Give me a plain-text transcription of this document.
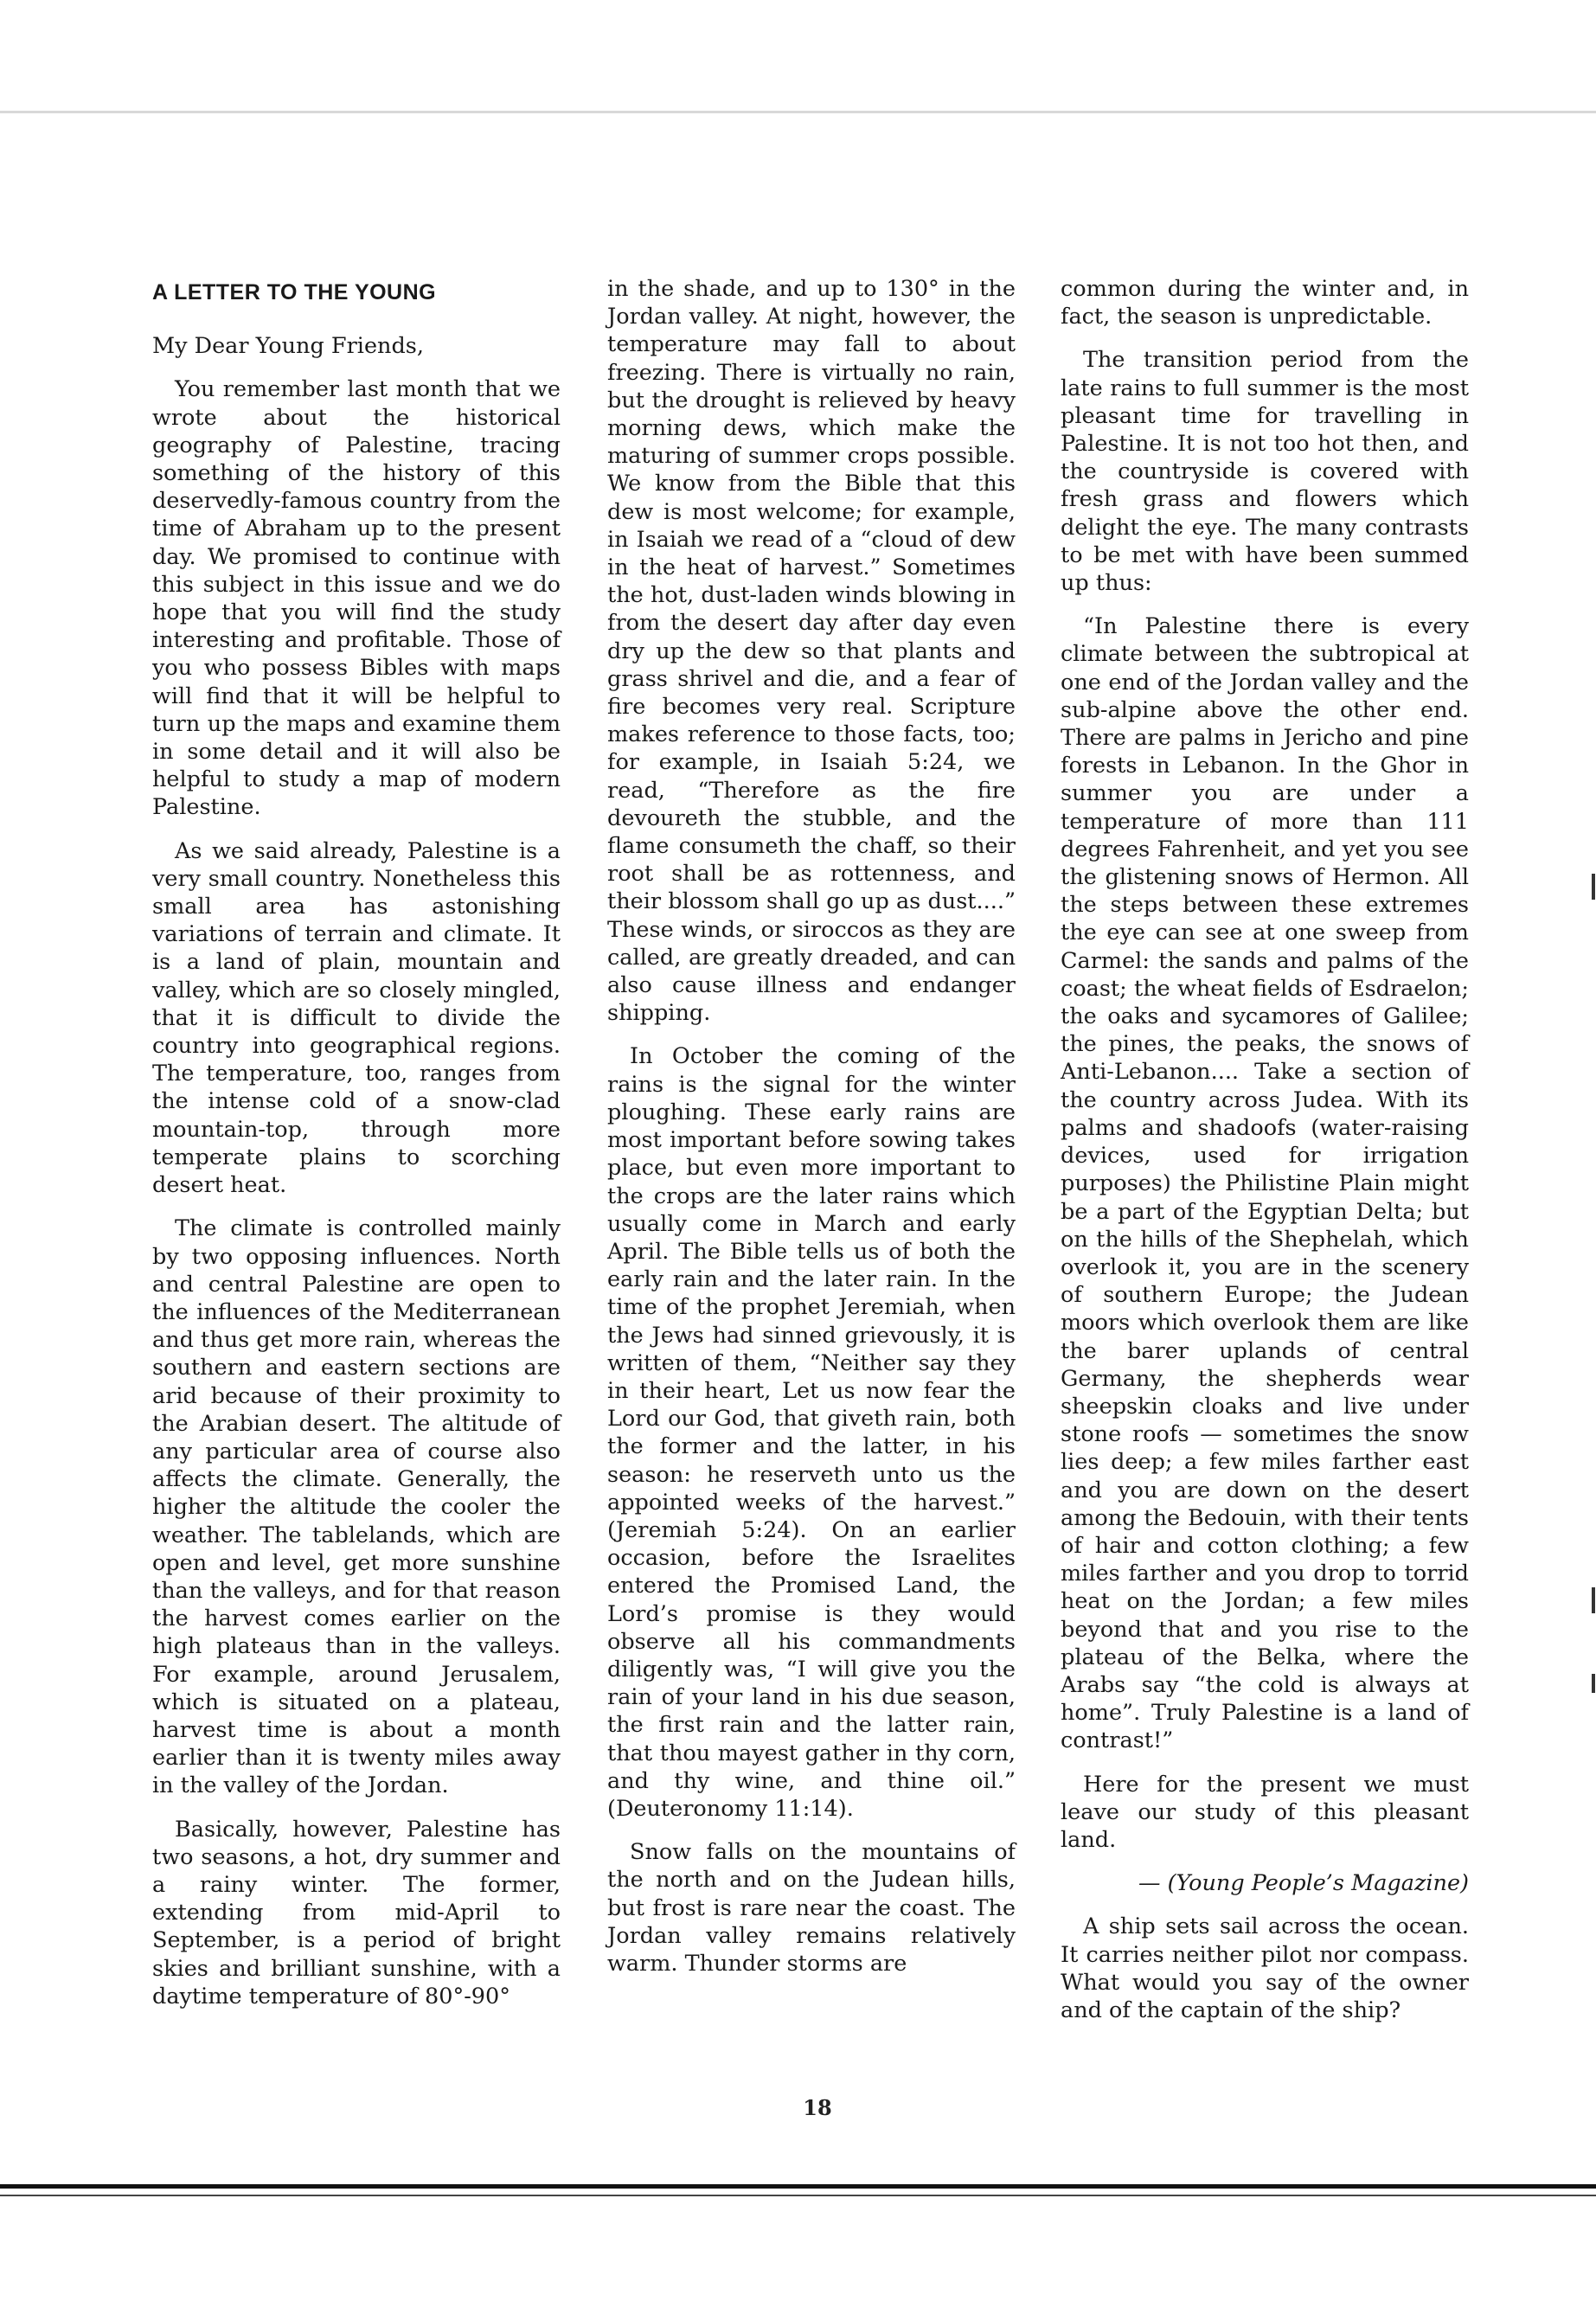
A LETTER TO THE YOUNG
My Dear Young Friends,

You remember last month that we wrote about the historical geography of Palestine, tracing something of the history of this deservedly-famous country from the time of Abraham up to the present day. We promised to continue with this subject in this issue and we do hope that you will find the study interesting and profitable. Those of you who possess Bibles with maps will find that it will be helpful to turn up the maps and examine them in some detail and it will also be helpful to study a map of modern Palestine.

As we said already, Palestine is a very small country. Nonetheless this small area has astonishing variations of terrain and climate. It is a land of plain, mountain and valley, which are so closely mingled, that it is difficult to divide the country into geographical regions. The temperature, too, ranges from the intense cold of a snow-clad mountain-top, through more temperate plains to scorching desert heat.

The climate is controlled mainly by two opposing influences. North and central Palestine are open to the influences of the Mediterranean and thus get more rain, whereas the southern and eastern sections are arid because of their proximity to the Arabian desert. The altitude of any particular area of course also affects the climate. Generally, the higher the altitude the cooler the weather. The tablelands, which are open and level, get more sunshine than the valleys, and for that reason the harvest comes earlier on the high plateaus than in the valleys. For example, around Jerusalem, which is situated on a plateau, harvest time is about a month earlier than it is twenty miles away in the valley of the Jordan.

Basically, however, Palestine has two seasons, a hot, dry summer and a rainy winter. The former, extending from mid-April to September, is a period of bright skies and brilliant sunshine, with a daytime temperature of 80°-90°

in the shade, and up to 130° in the Jordan valley. At night, however, the temperature may fall to about freezing. There is virtually no rain, but the drought is relieved by heavy morning dews, which make the maturing of summer crops possible. We know from the Bible that this dew is most welcome; for example, in Isaiah we read of a “cloud of dew in the heat of harvest.” Sometimes the hot, dust-laden winds blowing in from the desert day after day even dry up the dew so that plants and grass shrivel and die, and a fear of fire becomes very real. Scripture makes reference to those facts, too; for example, in Isaiah 5:24, we read, “Therefore as the fire devoureth the stubble, and the flame consumeth the chaff, so their root shall be as rottenness, and their blossom shall go up as dust....” These winds, or siroccos as they are called, are greatly dreaded, and can also cause illness and endanger shipping.

In October the coming of the rains is the signal for the winter ploughing. These early rains are most important before sowing takes place, but even more important to the crops are the later rains which usually come in March and early April. The Bible tells us of both the early rain and the later rain. In the time of the prophet Jeremiah, when the Jews had sinned grievously, it is written of them, “Neither say they in their heart, Let us now fear the Lord our God, that giveth rain, both the former and the latter, in his season: he reserveth unto us the appointed weeks of the harvest.” (Jeremiah 5:24). On an earlier occasion, before the Israelites entered the Promised Land, the Lord’s promise is they would observe all his commandments diligently was, “I will give you the rain of your land in his due season, the first rain and the latter rain, that thou mayest gather in thy corn, and thy wine, and thine oil.” (Deuteronomy 11:14).

Snow falls on the mountains of the north and on the Judean hills, but frost is rare near the coast. The Jordan valley remains relatively warm. Thunder storms are

common during the winter and, in fact, the season is unpredictable.

The transition period from the late rains to full summer is the most pleasant time for travelling in Palestine. It is not too hot then, and the countryside is covered with fresh grass and flowers which delight the eye. The many contrasts to be met with have been summed up thus:

“In Palestine there is every climate between the subtropical at one end of the Jordan valley and the sub-alpine above the other end. There are palms in Jericho and pine forests in Lebanon. In the Ghor in summer you are under a temperature of more than 111 degrees Fahrenheit, and yet you see the glistening snows of Hermon. All the steps between these extremes the eye can see at one sweep from Carmel: the sands and palms of the coast; the wheat fields of Esdraelon; the oaks and sycamores of Galilee; the pines, the peaks, the snows of Anti-Lebanon.... Take a section of the country across Judea. With its palms and shadoofs (water-raising devices, used for irrigation purposes) the Philistine Plain might be a part of the Egyptian Delta; but on the hills of the Shephelah, which overlook it, you are in the scenery of southern Europe; the Judean moors which overlook them are like the barer uplands of central Germany, the shepherds wear sheepskin cloaks and live under stone roofs — sometimes the snow lies deep; a few miles farther east and you are down on the desert among the Bedouin, with their tents of hair and cotton clothing; a few miles farther and you drop to torrid heat on the Jordan; a few miles beyond that and you rise to the plateau of the Belka, where the Arabs say “the cold is always at home”. Truly Palestine is a land of contrast!”

Here for the present we must leave our study of this pleasant land.

— (Young People’s Magazine)

A ship sets sail across the ocean. It carries neither pilot nor compass. What would you say of the owner and of the captain of the ship?

18
